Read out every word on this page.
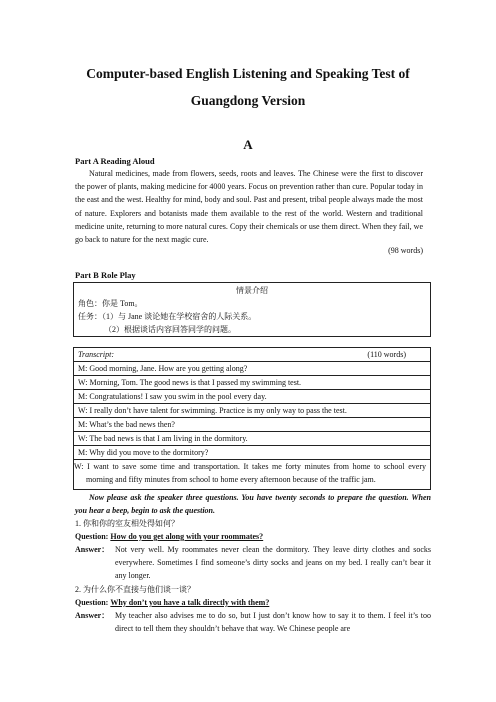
Computer-based English Listening and Speaking Test of
Guangdong Version
A
Part A Reading Aloud

Natural medicines, made from flowers, seeds, roots and leaves. The Chinese were the first to discover the power of plants, making medicine for 4000 years. Focus on prevention rather than cure. Popular today in the east and the west. Healthy for mind, body and soul. Past and present, tribal people always made the most of nature. Explorers and botanists made them available to the rest of the world. Western and traditional medicine unite, returning to more natural cures. Copy their chemicals or use them direct. When they fail, we go back to nature for the next magic cure.

(98 words)
Part B Role Play
情景介绍
角色：你是 Tom。
任务：（1）与 Jane 谈论她在学校宿舍的人际关系。
（2）根据谈话内容回答同学的问题。
Transcript:	(110 words)
M: Good morning, Jane. How are you getting along?
W: Morning, Tom. The good news is that I passed my swimming test.
M: Congratulations! I saw you swim in the pool every day.
W: I really don’t have talent for swimming. Practice is my only way to pass the test.
M: What’s the bad news then?
W: The bad news is that I am living in the dormitory.
M: Why did you move to the dormitory?
W: I want to save some time and transportation. It takes me forty minutes from home to school every morning and fifty minutes from school to home every afternoon because of the traffic jam.
Now please ask the speaker three questions. You have twenty seconds to prepare the question. When you hear a beep, begin to ask the question.
1. 你和你的室友相处得如何？
Question: How do you get along with your roommates?
Answer： Not very well. My roommates never clean the dormitory. They leave dirty clothes and socks everywhere. Sometimes I find someone’s dirty socks and jeans on my bed. I really can’t bear it any longer.
2. 为什么你不直接与他们谈一谈？
Question: Why don’t you have a talk directly with them?
Answer： My teacher also advises me to do so, but I just don’t know how to say it to them. I feel it’s too direct to tell them they shouldn’t behave that way. We Chinese people are
